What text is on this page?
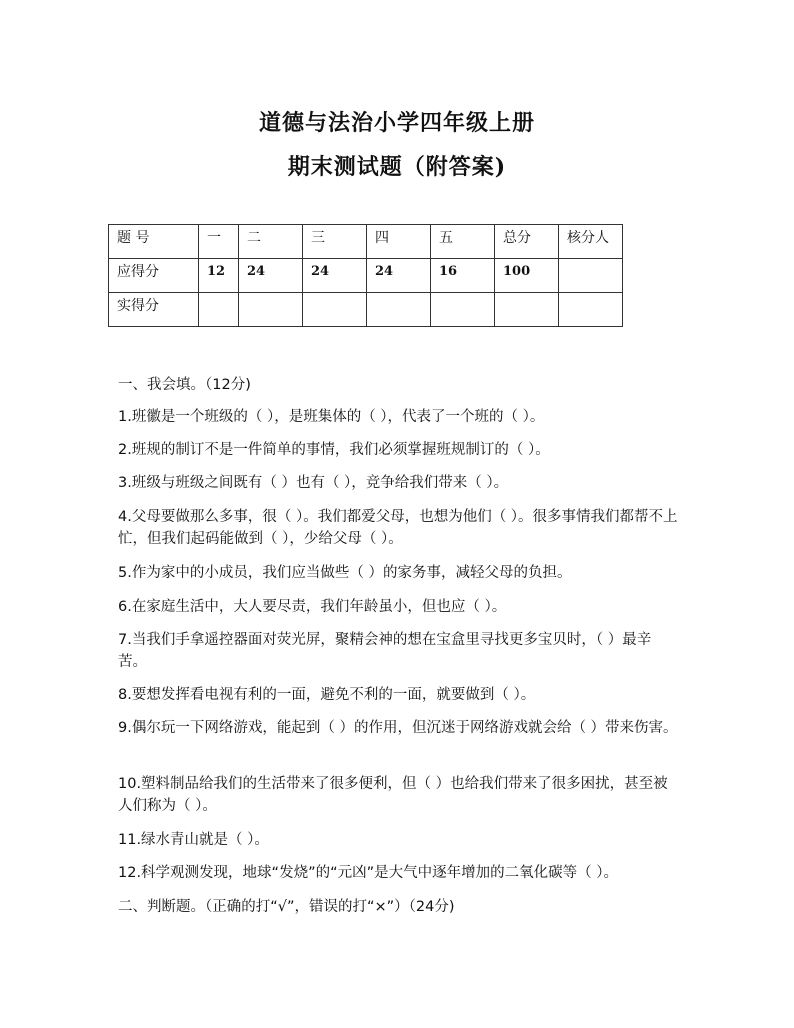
道德与法治小学四年级上册
期末测试题（附答案)
题 号	一	二	三	四	五	总分	核分人
应得分	12	24	24	24	16	100	
实得分							
一、我会填。（12分)
1.班徽是一个班级的（ ），是班集体的（ ），代表了一个班的（ ）。
2.班规的制订不是一件简单的事情，我们必须掌握班规制订的（ ）。
3.班级与班级之间既有（ ）也有（ ），竞争给我们带来（ ）。
4.父母要做那么多事，很（ ）。我们都爱父母，也想为他们（ ）。很多事情我们都帮不上忙，但我们起码能做到（ ），少给父母（ ）。
5.作为家中的小成员，我们应当做些（ ）的家务事，减轻父母的负担。
6.在家庭生活中，大人要尽责，我们年龄虽小，但也应（ ）。
7.当我们手拿遥控器面对荧光屏，聚精会神的想在宝盒里寻找更多宝贝时，（ ）最辛苦。
8.要想发挥看电视有利的一面，避免不利的一面，就要做到（ ）。
9.偶尔玩一下网络游戏，能起到（ ）的作用，但沉迷于网络游戏就会给（ ）带来伤害。
10.塑料制品给我们的生活带来了很多便利，但（ ）也给我们带来了很多困扰，甚至被人们称为（ ）。
11.绿水青山就是（ ）。
12.科学观测发现，地球“发烧”的“元凶”是大气中逐年增加的二氧化碳等（ ）。
二、判断题。（正确的打“√”，错误的打“×”）（24分)
